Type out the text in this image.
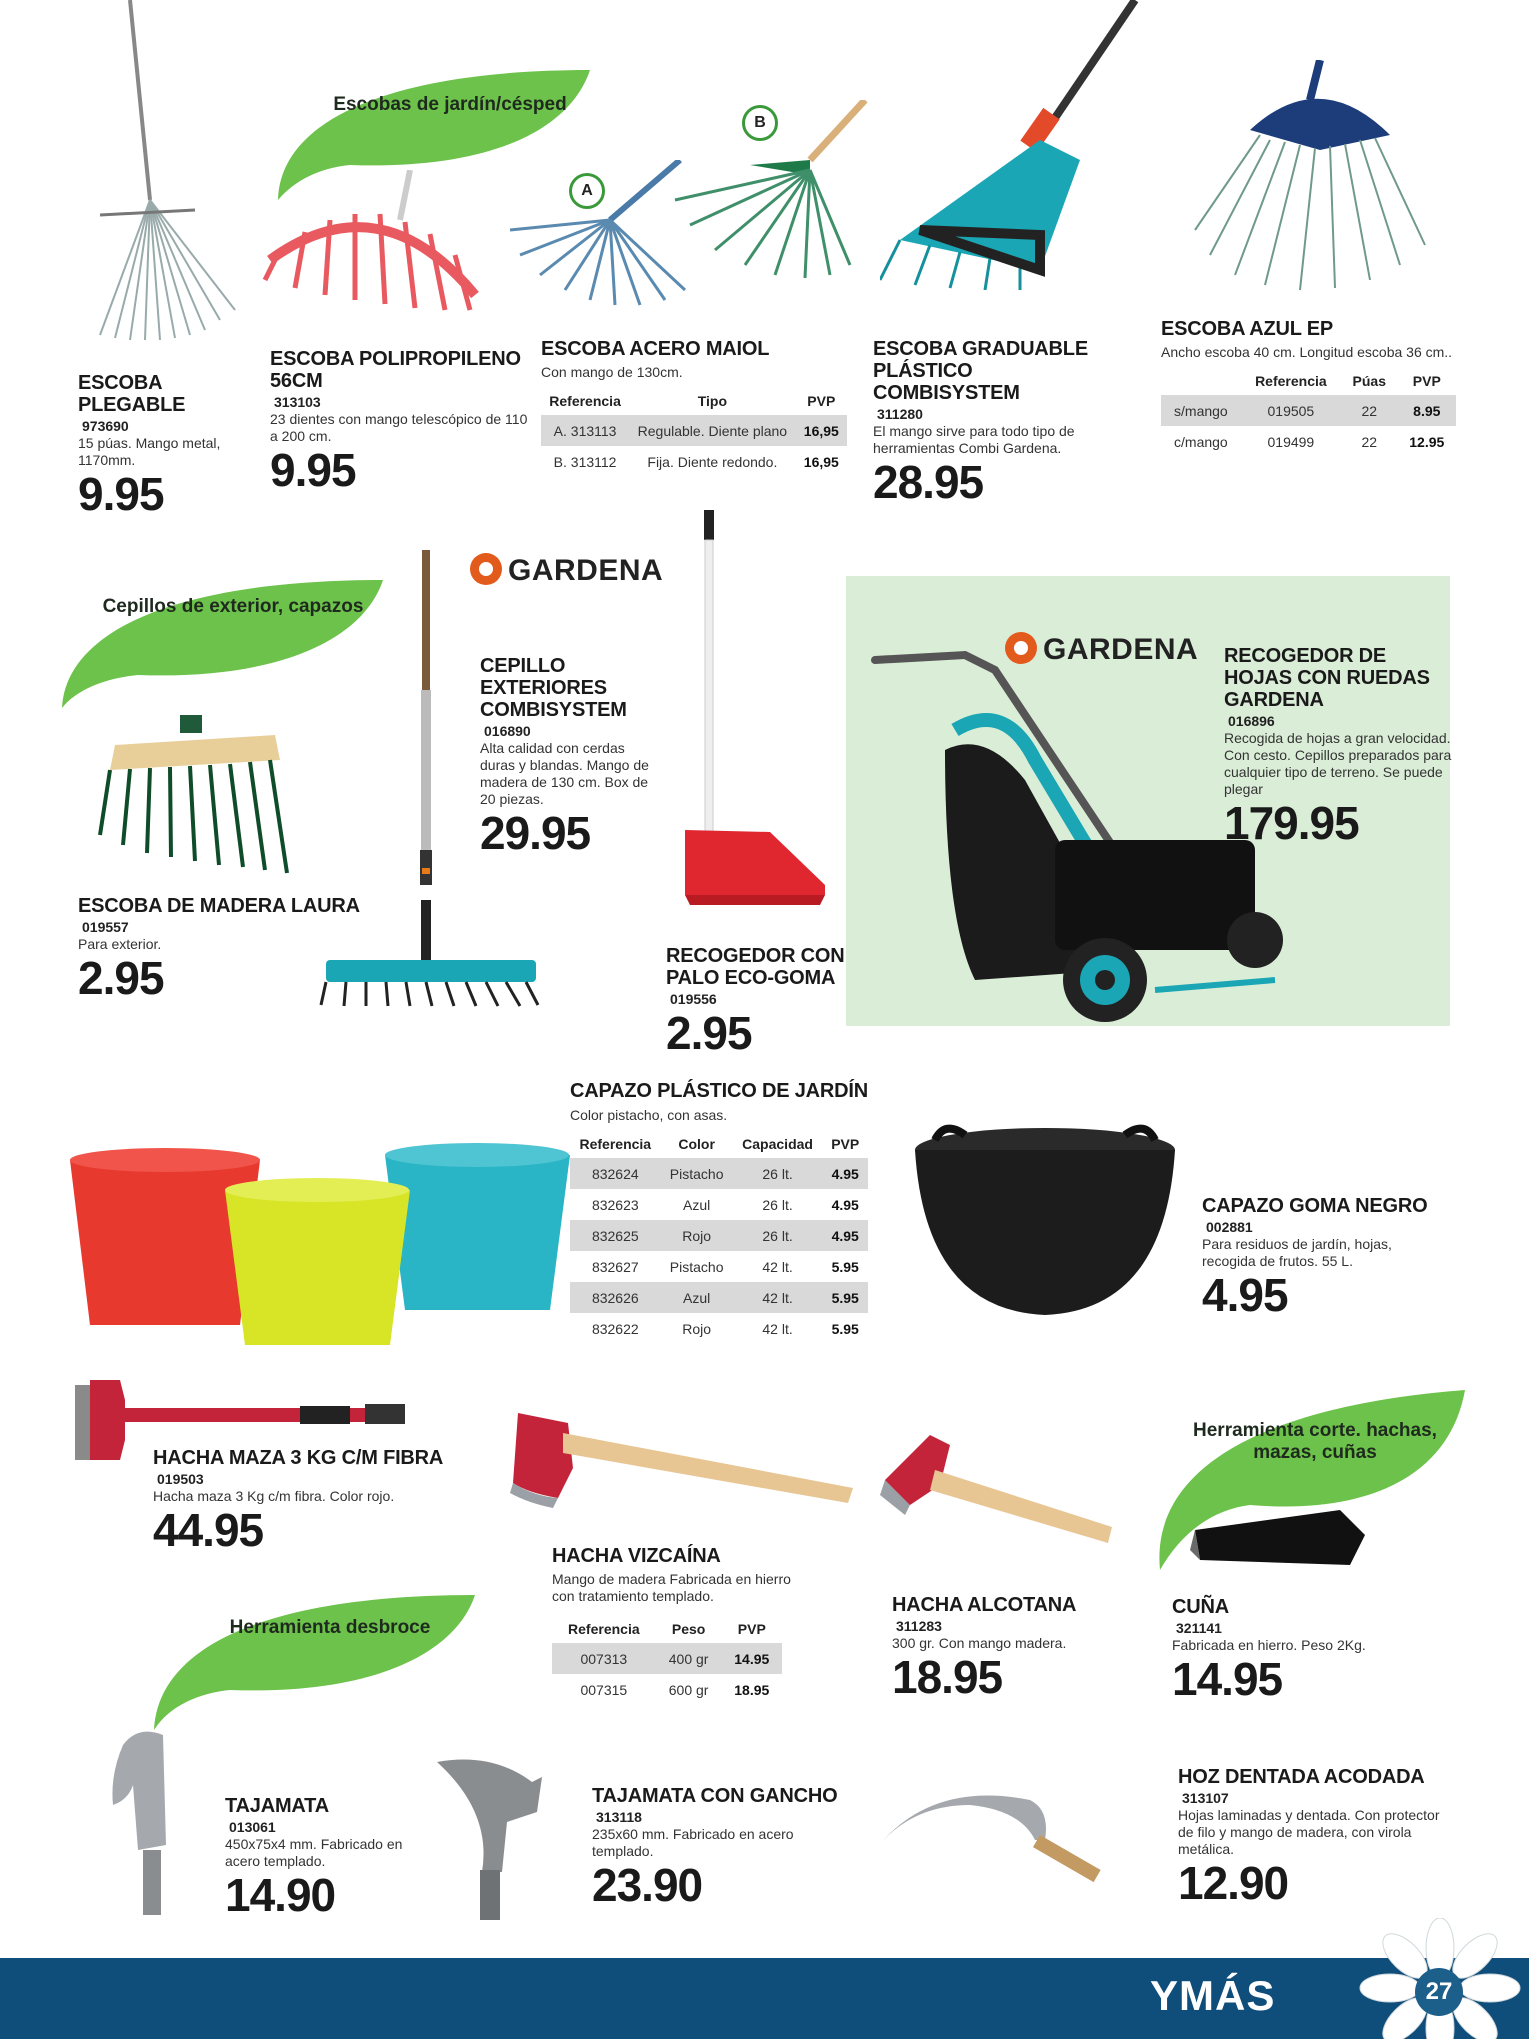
Escobas de jardín/césped
A
B
ESCOBA PLEGABLE
973690
15 púas. Mango metal, 1170mm.
9.95
ESCOBA POLIPROPILENO 56CM
313103
23 dientes con mango telescópico de 110 a 200 cm.
9.95
ESCOBA ACERO MAIOL
Con mango de 130cm.
Referencia	Tipo	PVP
A. 313113	Regulable. Diente plano	16,95
B. 313112	Fija. Diente redondo.	16,95
ESCOBA GRADUABLE PLÁSTICO COMBISYSTEM
311280
El mango sirve para todo tipo de herramientas Combi Gardena.
28.95
ESCOBA AZUL EP
Ancho escoba 40 cm. Longitud escoba 36 cm..
	Referencia	Púas	PVP
s/mango	019505	22	8.95
c/mango	019499	22	12.95
Cepillos de exterior, capazos
GARDENA
CEPILLO EXTERIORES COMBISYSTEM
016890
Alta calidad con cerdas duras y blandas. Mango de madera de 130 cm. Box de 20 piezas.
29.95
ESCOBA DE MADERA LAURA
019557
Para exterior.
2.95	RECOGEDOR CON PALO ECO-GOMA
019556
2.95
GARDENA RECOGEDOR DE HOJAS CON RUEDAS GARDENA
016896
Recogida de hojas a gran velocidad. Con cesto. Cepillos preparados para cualquier tipo de terreno. Se puede plegar
179.95
CAPAZO PLÁSTICO DE JARDÍN
Color pistacho, con asas.
Referencia	Color	Capacidad	PVP
832624	Pistacho	26 lt.	4.95
832623	Azul	26 lt.	4.95
832625	Rojo	26 lt.	4.95
832627	Pistacho	42 lt.	5.95
832626	Azul	42 lt.	5.95
832622	Rojo	42 lt.	5.95
CAPAZO GOMA NEGRO
002881
Para residuos de jardín, hojas, recogida de frutos. 55 L.
4.95
HACHA MAZA 3 KG C/M FIBRA
019503
Hacha maza 3 Kg c/m fibra. Color rojo.
44.95	HACHA VIZCAÍNA
Mango de madera Fabricada en hierro con tratamiento templado.
Referencia	Peso	PVP
007313	400 gr	14.95
007315	600 gr	18.95
HACHA ALCOTANA
311283
300 gr. Con mango madera.
18.95
Herramienta corte. hachas, mazas, cuñas
CUÑA
321141
Fabricada en hierro. Peso 2Kg.
14.95
Herramienta desbroce
TAJAMATA
013061
450x75x4 mm. Fabricado en acero templado.
14.90
TAJAMATA CON GANCHO
313118
235x60 mm. Fabricado en acero templado.
23.90
HOZ DENTADA ACODADA
313107
Hojas laminadas y dentada. Con protector de filo y mango de madera, con virola metálica.
12.90
YMÁS	27
